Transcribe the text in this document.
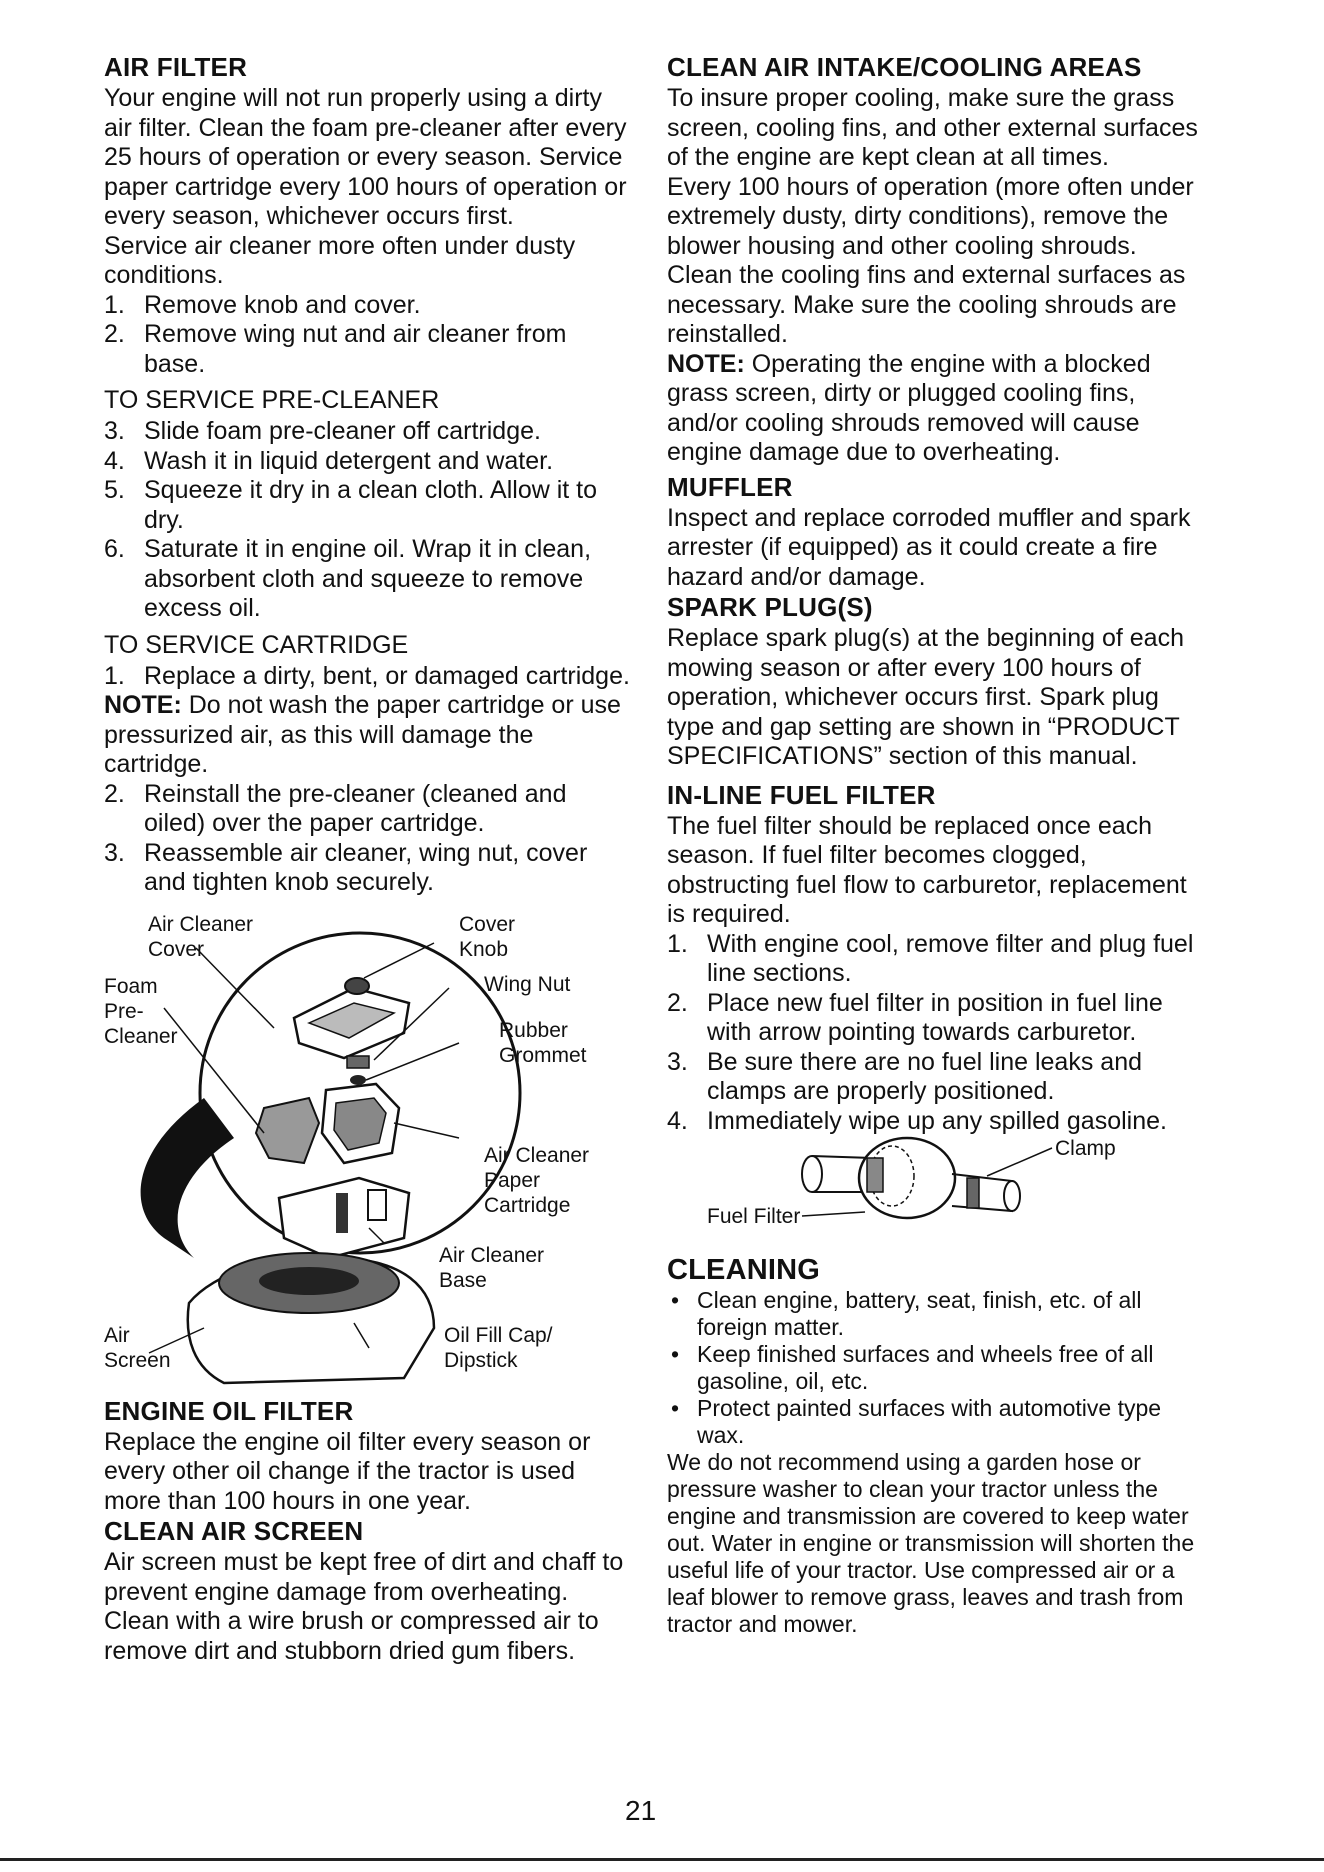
AIR FILTER

Your engine will not run properly using a dirty air filter. Clean the foam pre-cleaner after every 25 hours of operation or every season. Service paper cartridge every 100 hours of operation or every season, whichever occurs first.

Service air cleaner more often under dusty conditions.

1. Remove knob and cover.
2. Remove wing nut and air cleaner from base.
TO SERVICE PRE-CLEANER
3. Slide foam pre-cleaner off cartridge.
4. Wash it in liquid detergent and water.
5. Squeeze it dry in a clean cloth. Allow it to dry.
6. Saturate it in engine oil. Wrap it in clean, absorbent cloth and squeeze to remove excess oil.
TO SERVICE CARTRIDGE
1. Replace a dirty, bent, or damaged cartridge.

NOTE: Do not wash the paper cartridge or use pressurized air, as this will damage the cartridge.

2. Reinstall the pre-cleaner (cleaned and oiled) over the paper cartridge.
3. Reassemble air cleaner, wing nut, cover and tighten knob securely.
Air Cleaner
Cover
Cover
Knob
Wing Nut
Foam
Pre-
Cleaner	Rubber
Grommet
Air Cleaner
Paper
Cartridge
Air Cleaner
Base
Air
Screen
Oil Fill Cap/
Dipstick
ENGINE OIL FILTER

Replace the engine oil filter every season or every other oil change if the tractor is used more than 100 hours in one year.

CLEAN AIR SCREEN

Air screen must be kept free of dirt and chaff to prevent engine damage from overheating. Clean with a wire brush or compressed air to remove dirt and stubborn dried gum fibers.

CLEAN AIR INTAKE/COOLING AREAS

To insure proper cooling, make sure the grass screen, cooling fins, and other external surfaces of the engine are kept clean at all times.

Every 100 hours of operation (more often under extremely dusty, dirty conditions), remove the blower housing and other cooling shrouds. Clean the cooling fins and external surfaces as necessary. Make sure the cooling shrouds are reinstalled.

NOTE: Operating the engine with a blocked grass screen, dirty or plugged cooling fins, and/or cooling shrouds removed will cause engine damage due to overheating.

MUFFLER

Inspect and replace corroded muffler and spark arrester (if equipped) as it could create a fire hazard and/or damage.

SPARK PLUG(S)

Replace spark plug(s) at the beginning of each mowing season or after every 100 hours of operation, whichever occurs first. Spark plug type and gap setting are shown in “PRODUCT SPECIFICATIONS” section of this manual.

IN-LINE FUEL FILTER

The fuel filter should be replaced once each season. If fuel filter becomes clogged, obstructing fuel flow to carburetor, replacement is required.

1. With engine cool, remove filter and plug fuel line sections.
2. Place new fuel filter in position in fuel line with arrow pointing towards carburetor.
3. Be sure there are no fuel line leaks and clamps are properly positioned.
4. Immediately wipe up any spilled gasoline.
Clamp
Fuel Filter
CLEANING
• Clean engine, battery, seat, finish, etc. of all foreign matter.
• Keep finished surfaces and wheels free of all gasoline, oil, etc.
• Protect painted surfaces with automotive type wax.

We do not recommend using a garden hose or pressure washer to clean your tractor unless the engine and transmission are covered to keep water out. Water in engine or transmission will shorten the useful life of your tractor. Use compressed air or a leaf blower to remove grass, leaves and trash from tractor and mower.

21
